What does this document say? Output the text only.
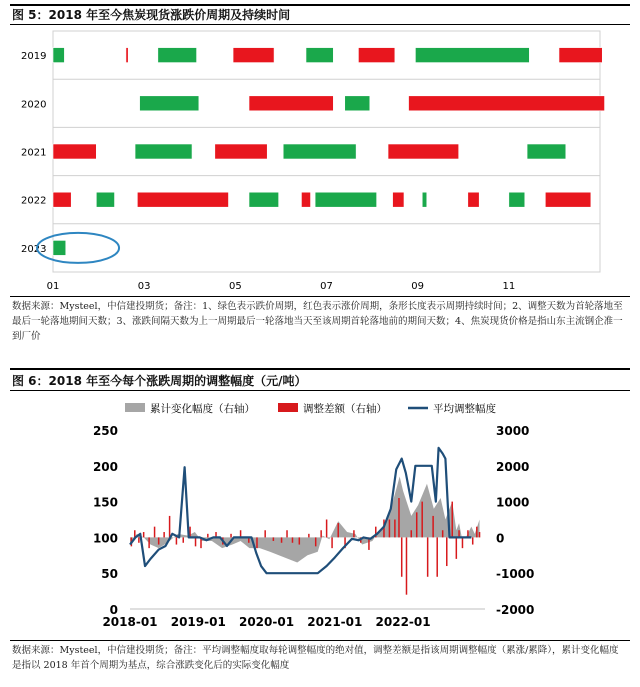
图 5：2018 年至今焦炭现货涨跌价周期及持续时间
2019
2020
2021
2022
2023
01	03	05	07	09	11
数据来源：Mysteel，中信建投期货；备注：1、绿色表示跌价周期，红色表示涨价周期，条形长度表示周期持续时间；2、调整天数为首轮落地至最后一轮落地期间天数；3、涨跌间隔天数为上一周期最后一轮落地当天至该周期首轮落地前的期间天数；4、焦炭现货价格是指山东主流钢企准一到厂价
图 6：2018 年至今每个涨跌周期的调整幅度（元/吨）
累计变化幅度（右轴）	调整差额（右轴）	平均调整幅度
0
50
100
150
200
250
-2000
-1000
0
1000
2000
3000
2018-01 2019-01 2020-01 2021-01 2022-01
数据来源：Mysteel，中信建投期货；备注：平均调整幅度取每轮调整幅度的绝对值，调整差额是指该周期调整幅度（累涨/累降），累计变化幅度是指以 2018 年首个周期为基点，综合涨跌变化后的实际变化幅度
